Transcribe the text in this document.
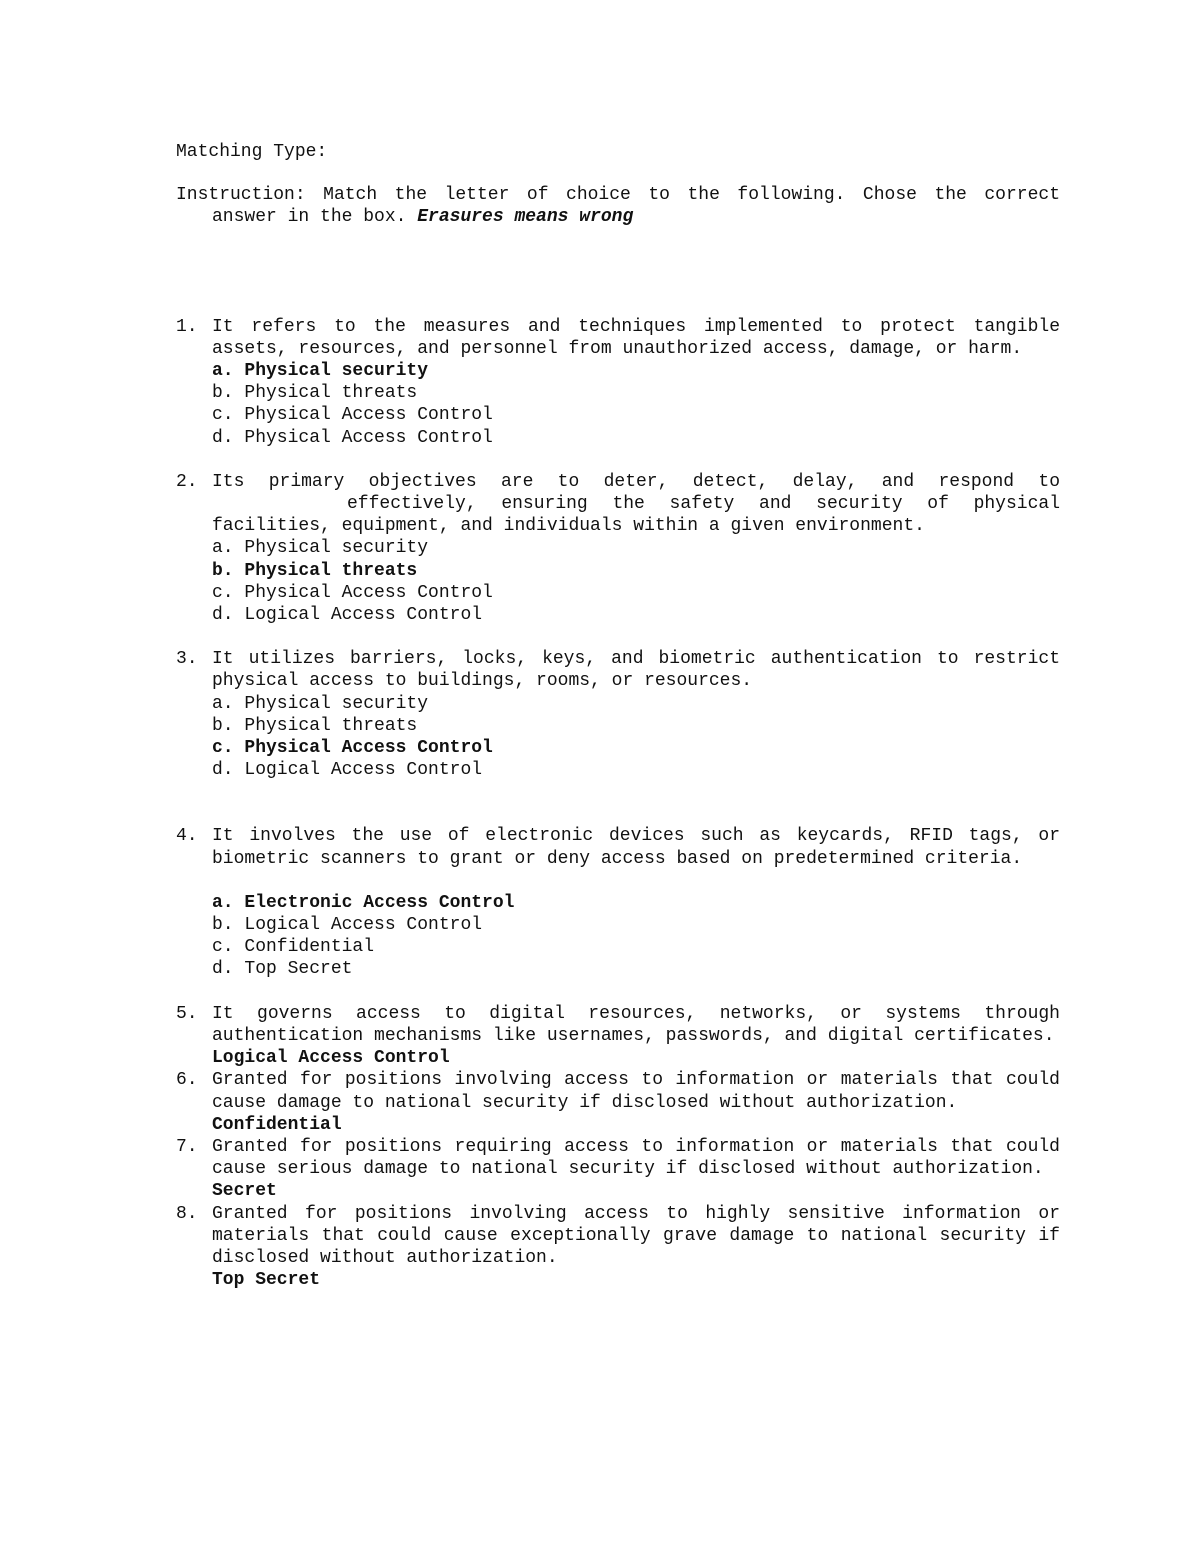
Matching Type:
Instruction: Match the letter of choice to the following. Chose the correct answer in the box. Erasures means wrong
1. It refers to the measures and techniques implemented to protect tangible assets, resources, and personnel from unauthorized access, damage, or harm.
a. Physical security
b. Physical threats
c. Physical Access Control
d. Physical Access Control
2. Its primary objectives are to deter, detect, delay, and respond to
effectively, ensuring the safety and security of physical facilities, equipment, and individuals within a given environment.
a. Physical security
b. Physical threats
c. Physical Access Control
d. Logical Access Control
3. It utilizes barriers, locks, keys, and biometric authentication to restrict physical access to buildings, rooms, or resources.
a. Physical security
b. Physical threats
c. Physical Access Control
d. Logical Access Control
4. It involves the use of electronic devices such as keycards, RFID tags, or biometric scanners to grant or deny access based on predetermined criteria.
a. Electronic Access Control
b. Logical Access Control
c. Confidential
d. Top Secret
5. It governs access to digital resources, networks, or systems through authentication mechanisms like usernames, passwords, and digital certificates.
Logical Access Control
6. Granted for positions involving access to information or materials that could cause damage to national security if disclosed without authorization.
Confidential
7. Granted for positions requiring access to information or materials that could cause serious damage to national security if disclosed without authorization.
Secret
8. Granted for positions involving access to highly sensitive information or materials that could cause exceptionally grave damage to national security if disclosed without authorization.
Top Secret
